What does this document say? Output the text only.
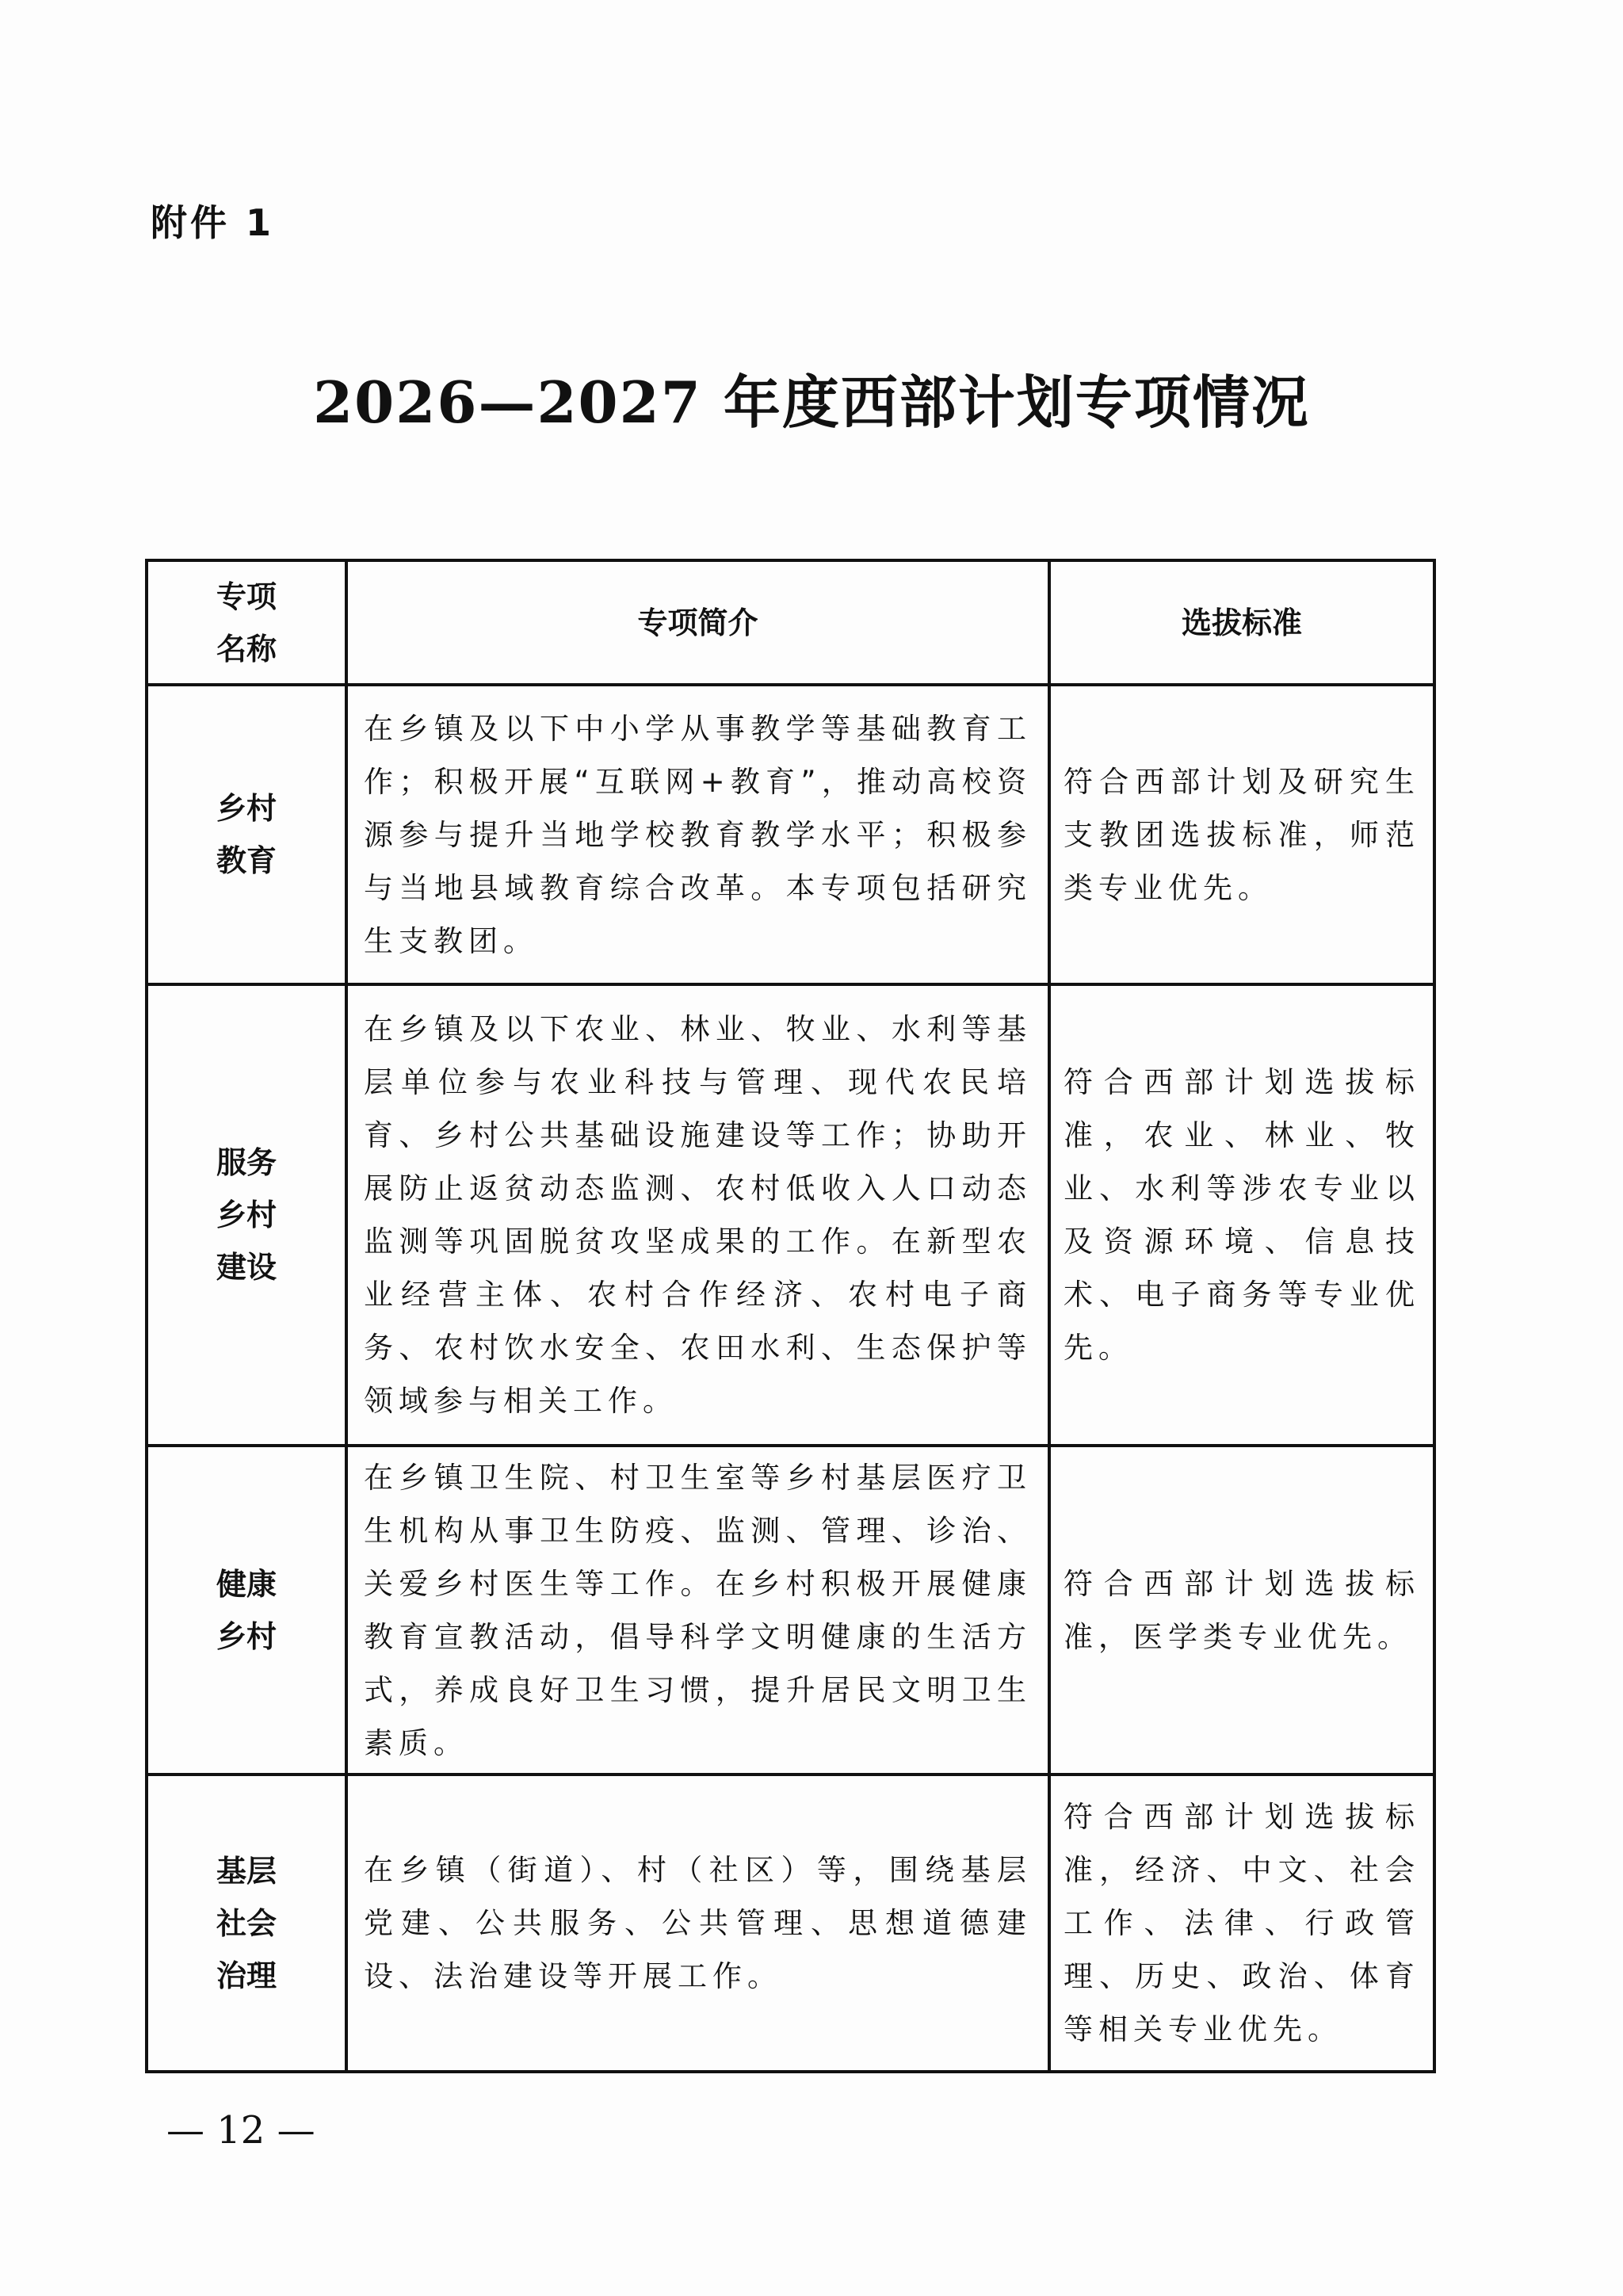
附件 1
2026—2027 年度西部计划专项情况
专项
名称	专项简介	选拔标准

乡村
教育	在乡镇及以下中小学从事教学等基础教育工作；积极开展“互联网+教育”，推动高校资源参与提升当地学校教育教学水平；积极参与当地县域教育综合改革。本专项包括研究生支教团。	符合西部计划及研究生支教团选拔标准，师范类专业优先。

服务
乡村
建设	在乡镇及以下农业、林业、牧业、水利等基层单位参与农业科技与管理、现代农民培育、乡村公共基础设施建设等工作；协助开展防止返贫动态监测、农村低收入人口动态监测等巩固脱贫攻坚成果的工作。在新型农业经营主体、农村合作经济、农村电子商务、农村饮水安全、农田水利、生态保护等领域参与相关工作。	符合西部计划选拔标准，农业、林业、牧业、水利等涉农专业以及资源环境、信息技术、电子商务等专业优先。

健康
乡村	在乡镇卫生院、村卫生室等乡村基层医疗卫生机构从事卫生防疫、监测、管理、诊治、关爱乡村医生等工作。在乡村积极开展健康教育宣教活动，倡导科学文明健康的生活方式，养成良好卫生习惯，提升居民文明卫生素质。	符合西部计划选拔标准，医学类专业优先。

基层
社会
治理	在乡镇（街道）、村（社区）等，围绕基层党建、公共服务、公共管理、思想道德建设、法治建设等开展工作。	符合西部计划选拔标准，经济、中文、社会工作、法律、行政管理、历史、政治、体育等相关专业优先。
— 12 —
